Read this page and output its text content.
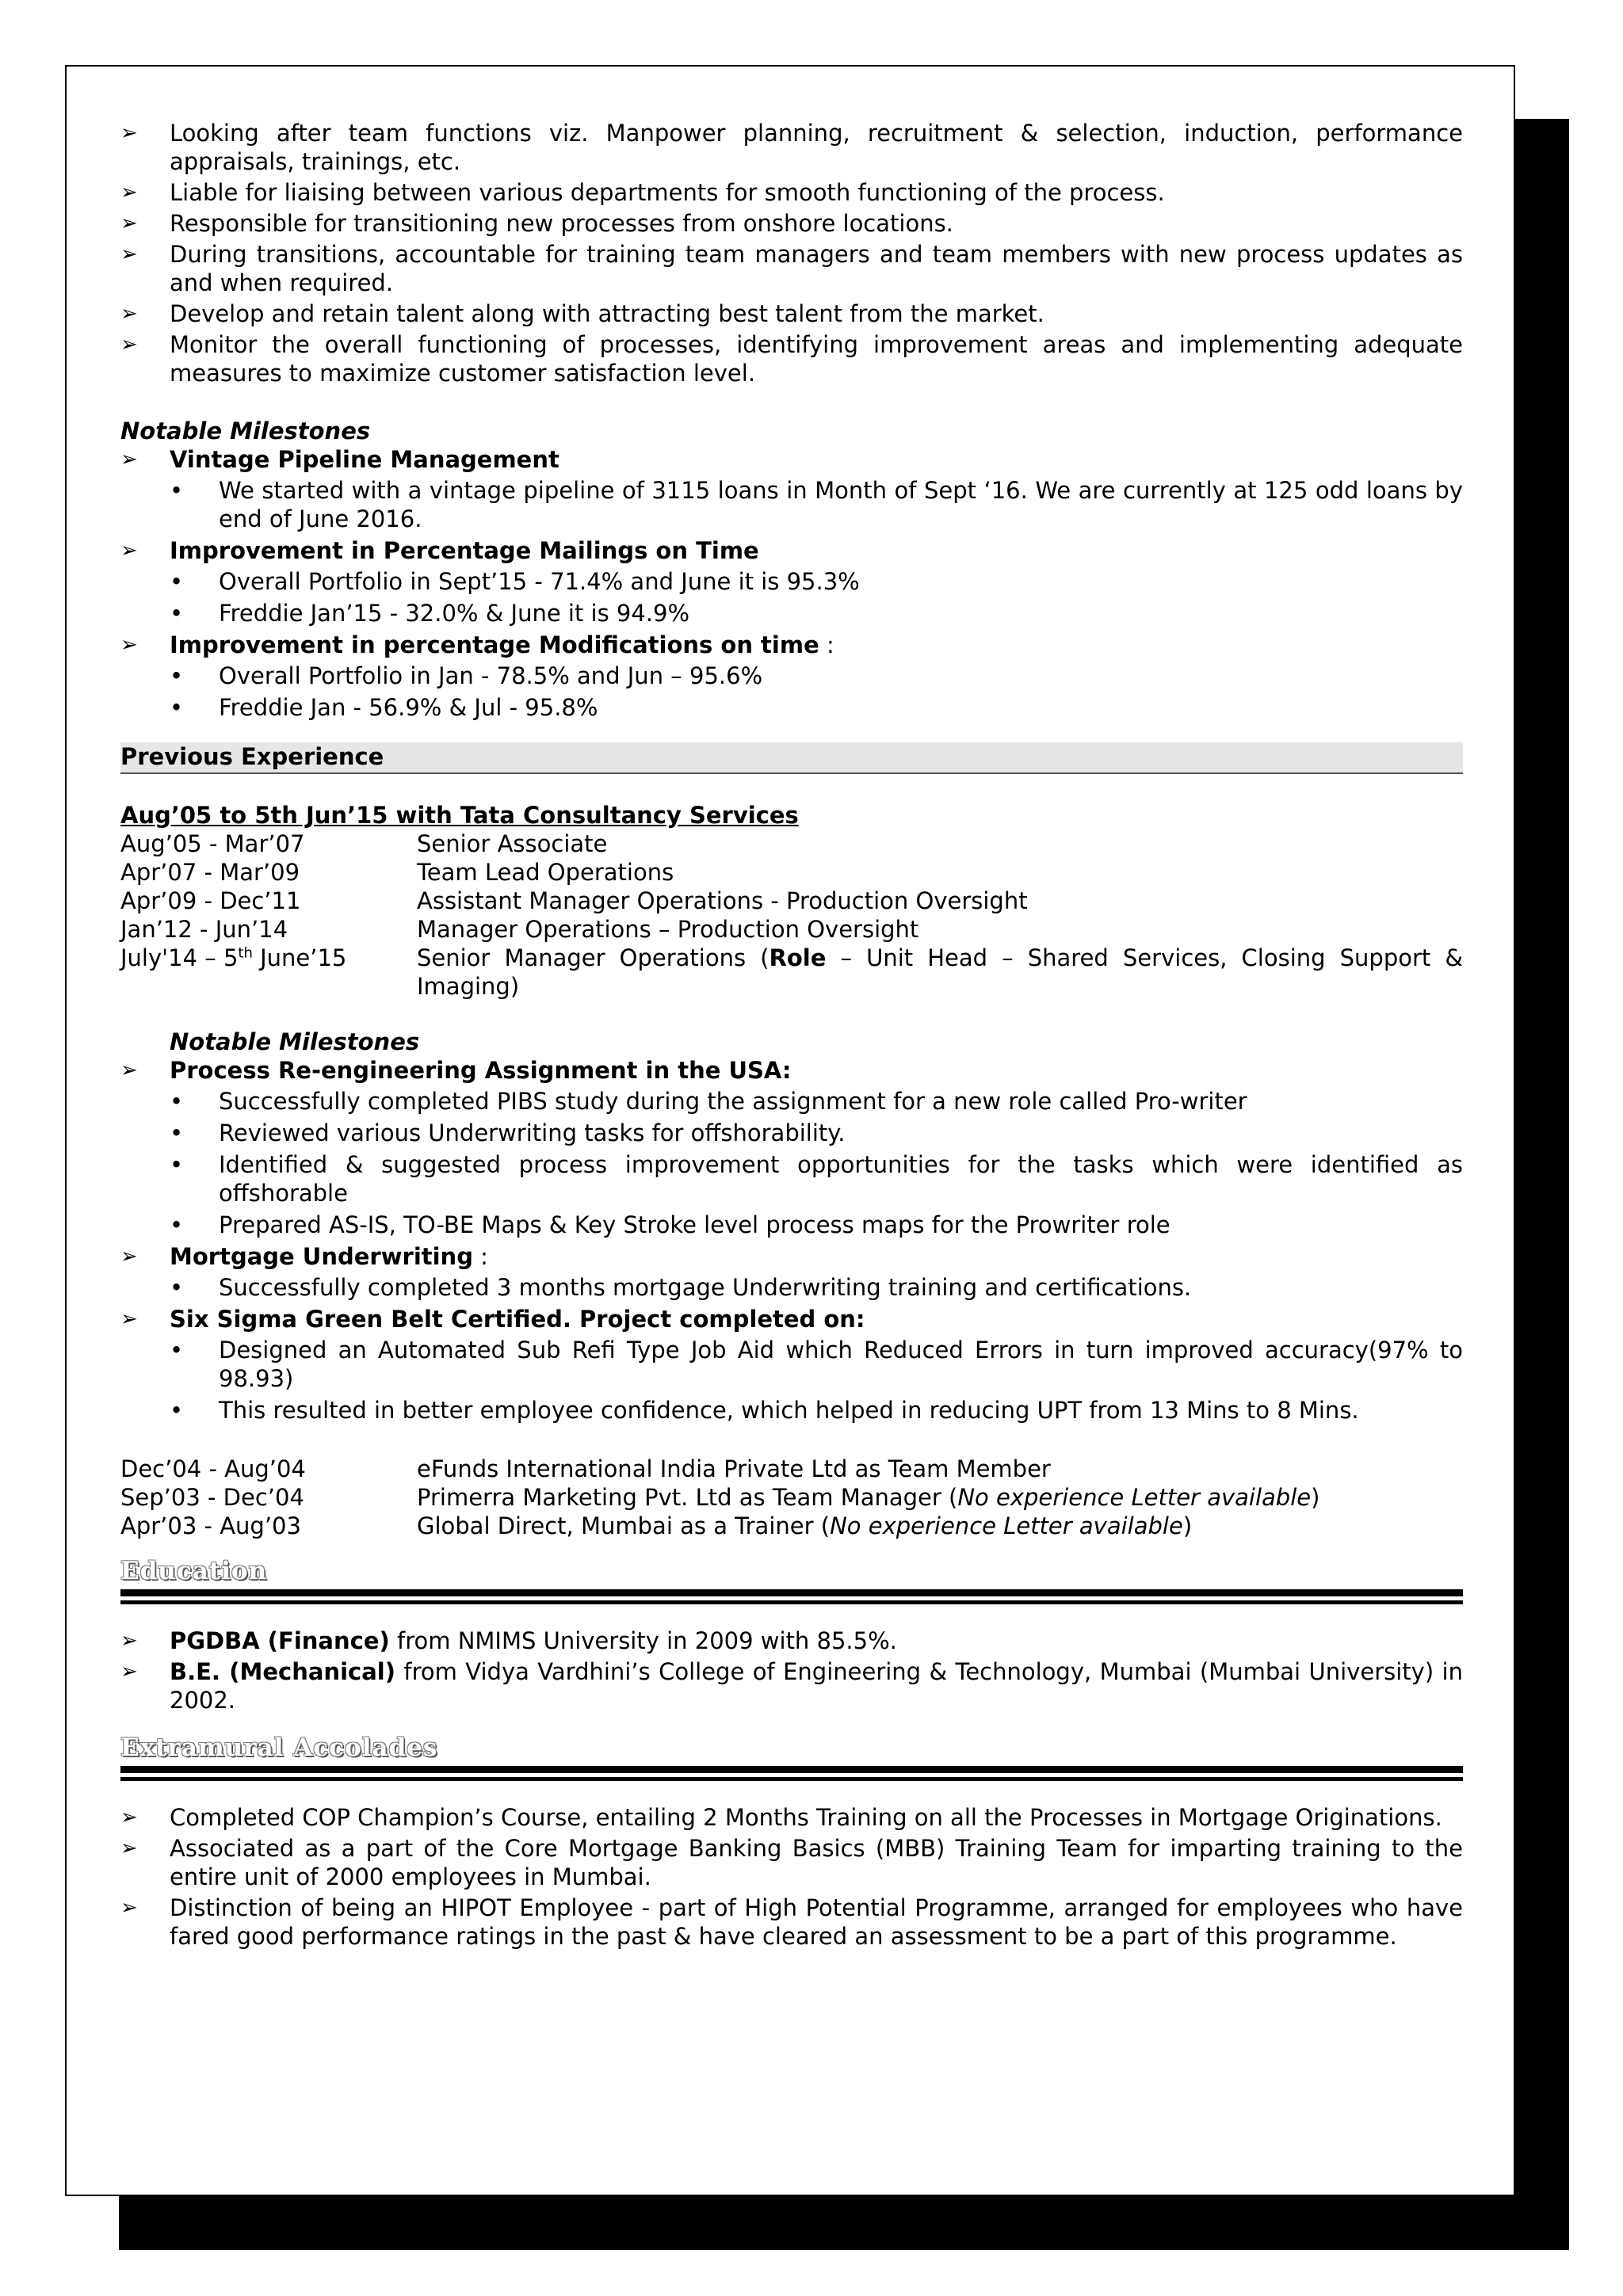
➢ Looking after team functions viz. Manpower planning, recruitment & selection, induction, performance appraisals, trainings, etc.
➢ Liable for liaising between various departments for smooth functioning of the process.
➢ Responsible for transitioning new processes from onshore locations.
➢ During transitions, accountable for training team managers and team members with new process updates as and when required.
➢ Develop and retain talent along with attracting best talent from the market.
➢ Monitor the overall functioning of processes, identifying improvement areas and implementing adequate measures to maximize customer satisfaction level.
Notable Milestones
➢ Vintage Pipeline Management
• We started with a vintage pipeline of 3115 loans in Month of Sept ‘16. We are currently at 125 odd loans by end of June 2016.
➢ Improvement in Percentage Mailings on Time
• Overall Portfolio in Sept’15 - 71.4% and June it is 95.3%
• Freddie Jan’15 - 32.0% & June it is 94.9%
➢ Improvement in percentage Modifications on time :
• Overall Portfolio in Jan - 78.5% and Jun – 95.6%
• Freddie Jan - 56.9% & Jul - 95.8%
Previous Experience
Aug’05 to 5th Jun’15 with Tata Consultancy Services
Aug’05 - Mar’07	Senior Associate
Apr’07 - Mar’09	Team Lead Operations
Apr’09 - Dec’11	Assistant Manager Operations - Production Oversight
Jan’12 - Jun’14	Manager Operations – Production Oversight
July'14 – 5th June’15	Senior Manager Operations (Role – Unit Head – Shared Services, Closing Support & Imaging)
Notable Milestones
➢ Process Re-engineering Assignment in the USA:
• Successfully completed PIBS study during the assignment for a new role called Pro-writer
• Reviewed various Underwriting tasks for offshorability.
• Identified & suggested process improvement opportunities for the tasks which were identified as offshorable
• Prepared AS-IS, TO-BE Maps & Key Stroke level process maps for the Prowriter role
➢ Mortgage Underwriting :
• Successfully completed 3 months mortgage Underwriting training and certifications.
➢ Six Sigma Green Belt Certified. Project completed on:
• Designed an Automated Sub Refi Type Job Aid which Reduced Errors in turn improved accuracy(97% to 98.93)
• This resulted in better employee confidence, which helped in reducing UPT from 13 Mins to 8 Mins.
Dec’04 - Aug’04	eFunds International India Private Ltd as Team Member
Sep’03 - Dec’04	Primerra Marketing Pvt. Ltd as Team Manager (No experience Letter available)
Apr’03 - Aug’03	Global Direct, Mumbai as a Trainer (No experience Letter available)
Education
➢ PGDBA (Finance) from NMIMS University in 2009 with 85.5%.
➢ B.E. (Mechanical) from Vidya Vardhini’s College of Engineering & Technology, Mumbai (Mumbai University) in 2002.
Extramural Accolades
➢ Completed COP Champion’s Course, entailing 2 Months Training on all the Processes in Mortgage Originations.
➢ Associated as a part of the Core Mortgage Banking Basics (MBB) Training Team for imparting training to the entire unit of 2000 employees in Mumbai.
➢ Distinction of being an HIPOT Employee - part of High Potential Programme, arranged for employees who have fared good performance ratings in the past & have cleared an assessment to be a part of this programme.
